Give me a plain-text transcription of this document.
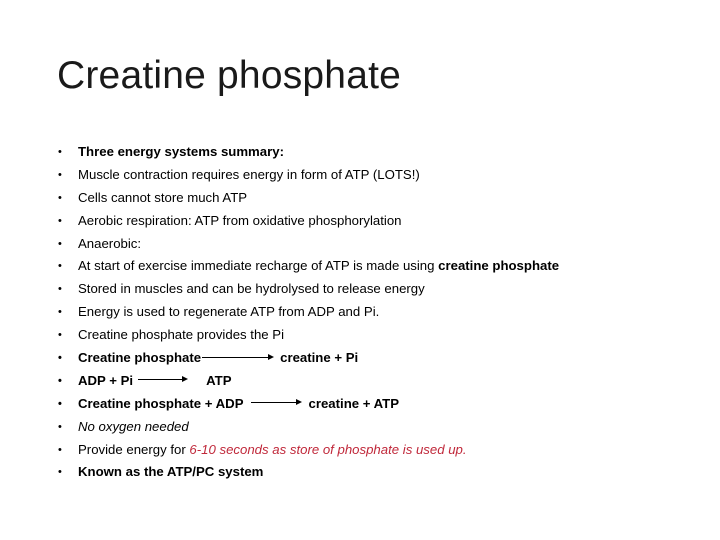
Creatine phosphate
• Three energy systems summary:
• Muscle contraction requires energy in form of ATP (LOTS!)
• Cells cannot store much ATP
• Aerobic respiration: ATP from oxidative phosphorylation
• Anaerobic:
• At start of exercise immediate recharge of ATP is made using creatine phosphate
• Stored in muscles and can be hydrolysed to release energy
• Energy is used to regenerate ATP from ADP and Pi.
• Creatine phosphate provides the Pi
• Creatine phosphate	creatine + Pi
• ADP + Pi	ATP
• Creatine phosphate + ADP	creatine + ATP
• No oxygen needed
• Provide energy for 6-10 seconds as store of phosphate is used up.
• Known as the ATP/PC system
